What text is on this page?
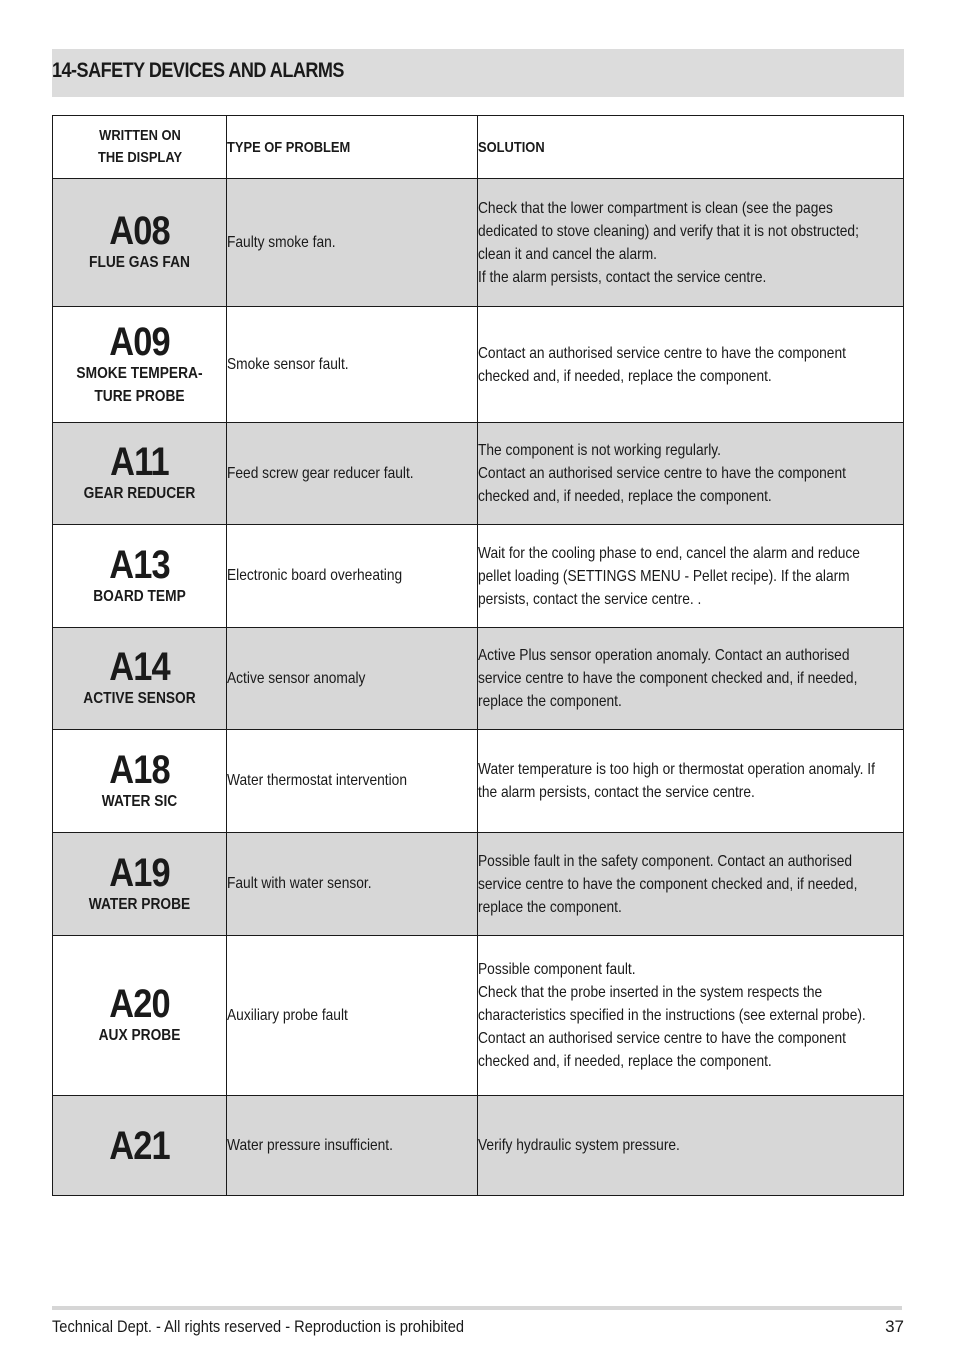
14-SAFETY DEVICES AND ALARMS
WRITTEN ON THE DISPLAY	TYPE OF PROBLEM	SOLUTION

A08
FLUE GAS FAN	Faulty smoke fan.	Check that the lower compartment is clean (see the pages dedicated to stove cleaning) and verify that it is not obstructed; clean it and cancel the alarm.
If the alarm persists, contact the service centre.

A09
SMOKE TEMPERA-
TURE PROBE	Smoke sensor fault.	Contact an authorised service centre to have the component checked and, if needed, replace the component.

A11
GEAR REDUCER	Feed screw gear reducer fault.	The component is not working regularly.
Contact an authorised service centre to have the component checked and, if needed, replace the component.

A13
BOARD TEMP	Electronic board overheating	Wait for the cooling phase to end, cancel the alarm and reduce pellet loading (SETTINGS MENU - Pellet recipe). If the alarm persists, contact the service centre. .

A14
ACTIVE SENSOR	Active sensor anomaly	Active Plus sensor operation anomaly. Contact an authorised service centre to have the component checked and, if needed, replace the component.

A18
WATER SIC	Water thermostat intervention	Water temperature is too high or thermostat operation anomaly. If the alarm persists, contact the service centre.

A19
WATER PROBE	Fault with water sensor.	Possible fault in the safety component. Contact an authorised service centre to have the component checked and, if needed, replace the component.

A20
AUX PROBE	Auxiliary probe fault	Possible component fault.
Check that the probe inserted in the system respects the characteristics specified in the instructions (see external probe).
Contact an authorised service centre to have the component checked and, if needed, replace the component.

A21	Water pressure insufficient.	Verify hydraulic system pressure.
Technical Dept. - All rights reserved - Reproduction is prohibited	37
